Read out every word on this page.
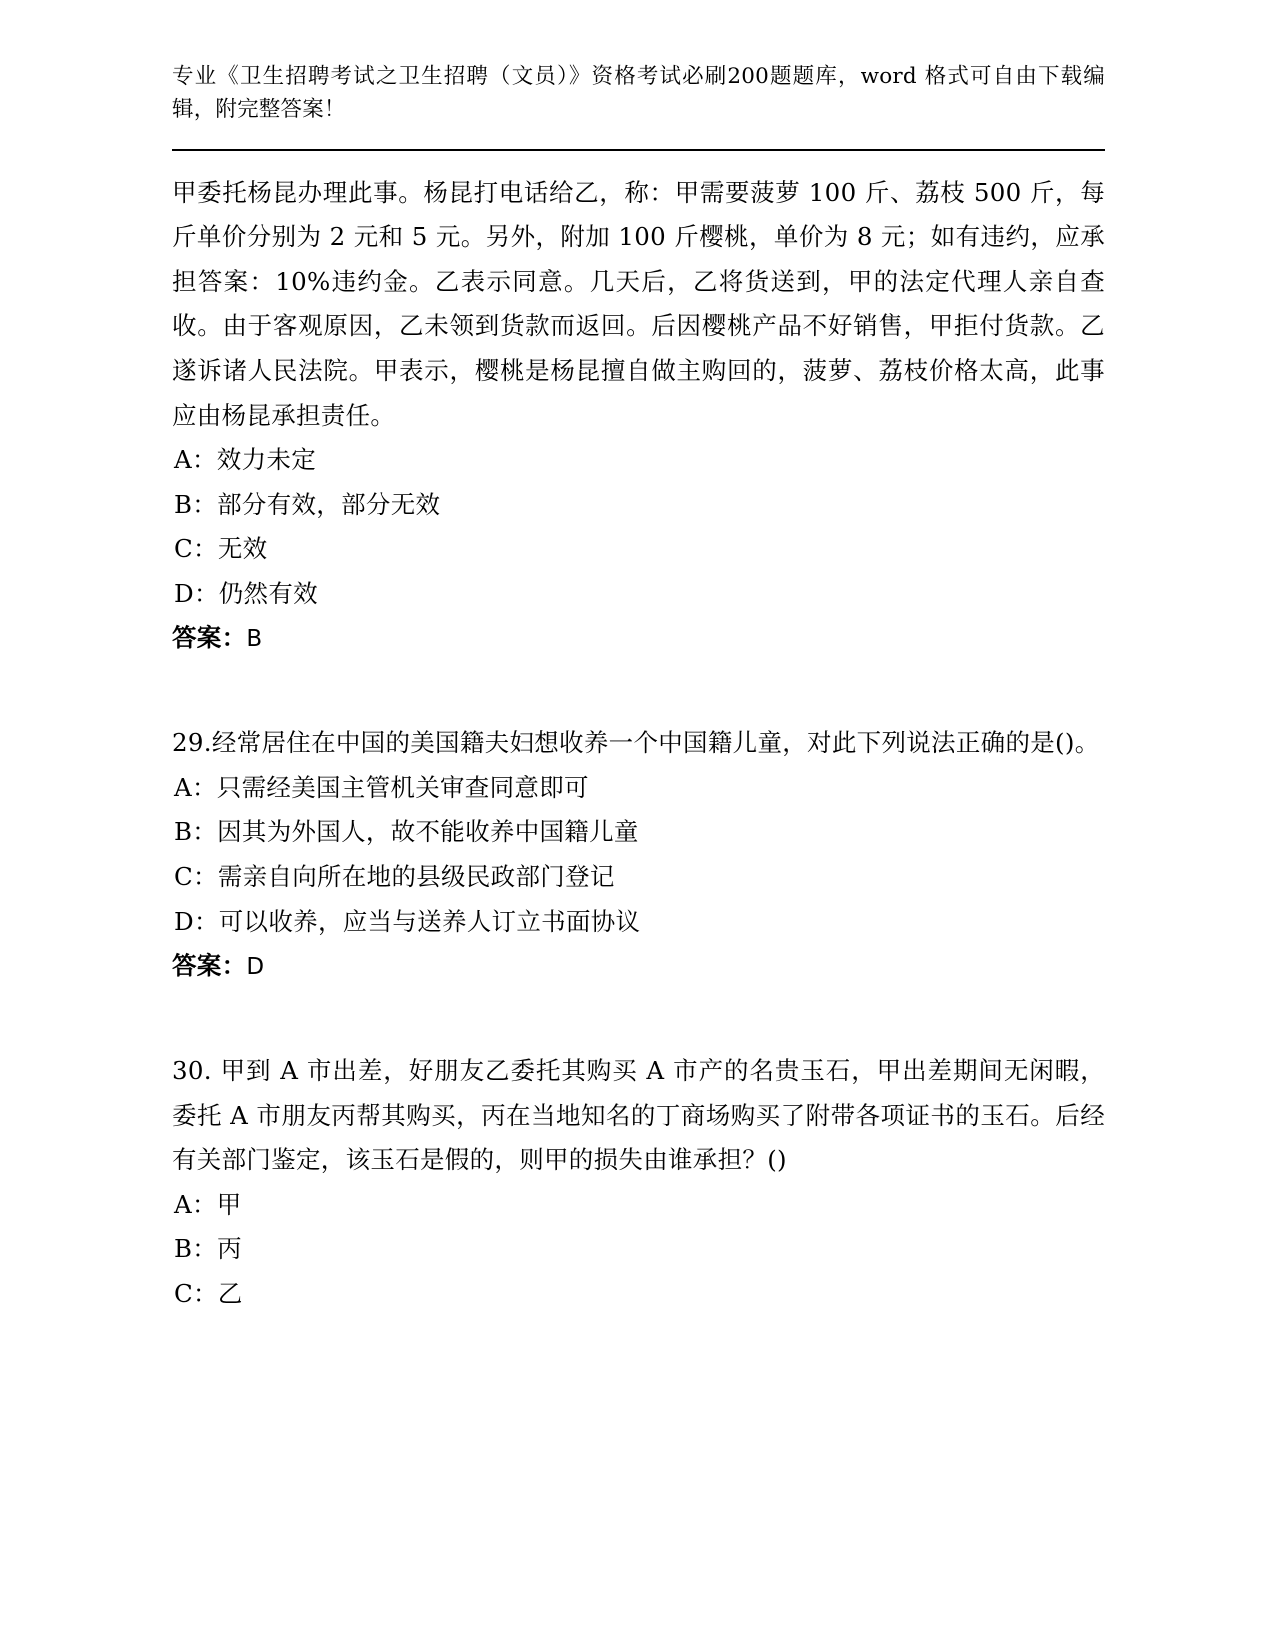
专业《卫生招聘考试之卫生招聘（文员）》资格考试必刷200题题库，word 格式可自由下载编辑，附完整答案！

甲委托杨昆办理此事。杨昆打电话给乙，称：甲需要菠萝 100 斤、荔枝 500 斤，每斤单价分别为 2 元和 5 元。另外，附加 100 斤樱桃，单价为 8 元；如有违约，应承担答案：10%违约金。乙表示同意。几天后，乙将货送到，甲的法定代理人亲自查收。由于客观原因，乙未领到货款而返回。后因樱桃产品不好销售，甲拒付货款。乙遂诉诸人民法院。甲表示，樱桃是杨昆擅自做主购回的，菠萝、荔枝价格太高，此事应由杨昆承担责任。

A：效力未定

B：部分有效，部分无效

C：无效

D：仍然有效

答案：B

29.经常居住在中国的美国籍夫妇想收养一个中国籍儿童，对此下列说法正确的是()。

A：只需经美国主管机关审查同意即可

B：因其为外国人，故不能收养中国籍儿童

C：需亲自向所在地的县级民政部门登记

D：可以收养，应当与送养人订立书面协议

答案：D

30. 甲到 A 市出差，好朋友乙委托其购买 A 市产的名贵玉石，甲出差期间无闲暇，委托 A 市朋友丙帮其购买，丙在当地知名的丁商场购买了附带各项证书的玉石。后经有关部门鉴定，该玉石是假的，则甲的损失由谁承担？()

A：甲

B：丙

C：乙
